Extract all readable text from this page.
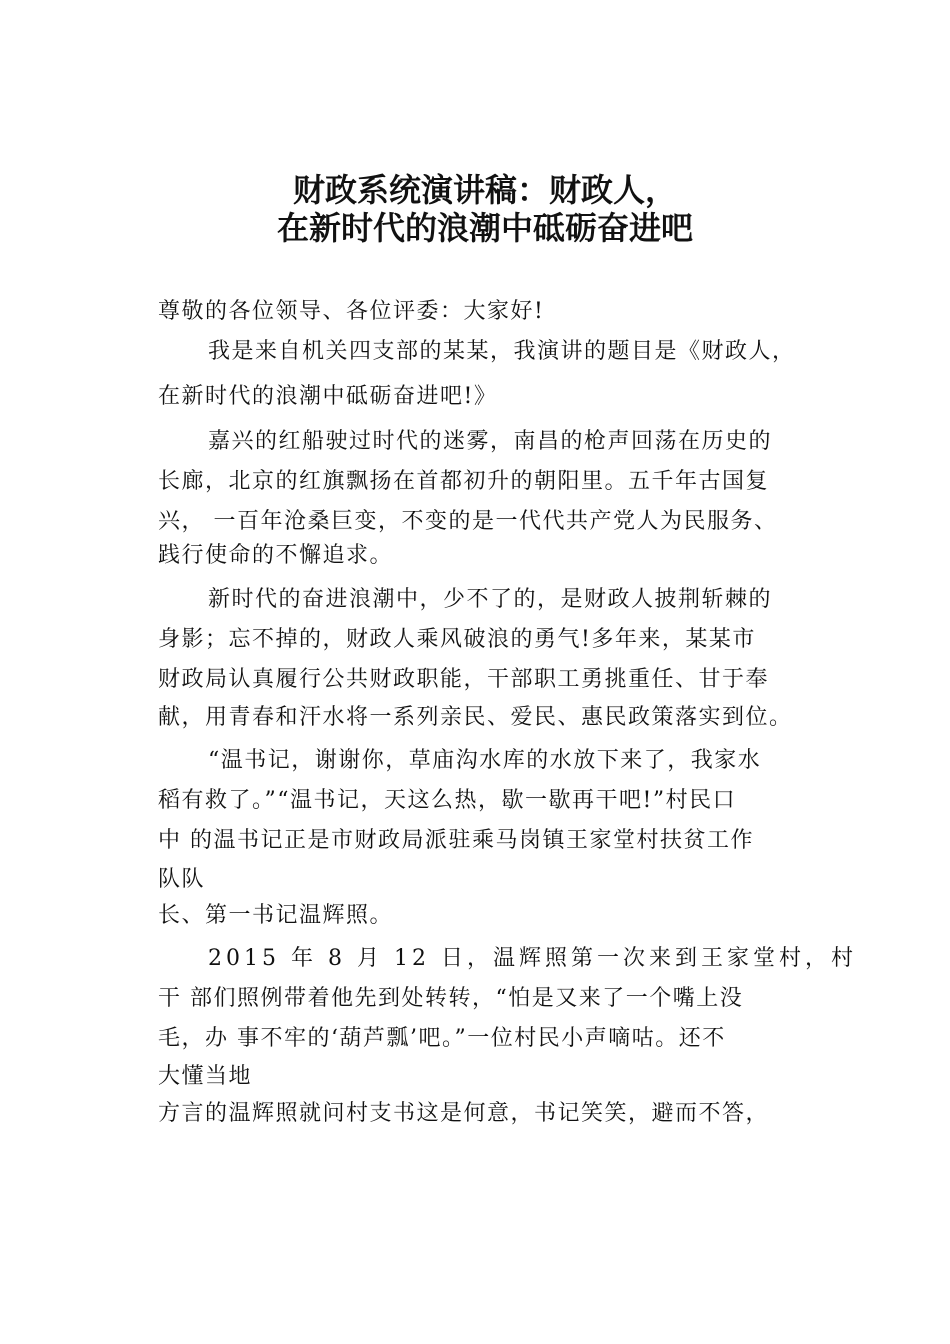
财政系统演讲稿：财政人，
在新时代的浪潮中砥砺奋进吧
尊敬的各位领导、各位评委：大家好!
我是来自机关四支部的某某，我演讲的题目是《财政人，
在新时代的浪潮中砥砺奋进吧!》
嘉兴的红船驶过时代的迷雾，南昌的枪声回荡在历史的
长廊，北京的红旗飘扬在首都初升的朝阳里。五千年古国复
兴， 一百年沧桑巨变，不变的是一代代共产党人为民服务、
践行使命的不懈追求。
新时代的奋进浪潮中，少不了的，是财政人披荆斩棘的
身影；忘不掉的，财政人乘风破浪的勇气!多年来，某某市
财政局认真履行公共财政职能，干部职工勇挑重任、甘于奉
献，用青春和汗水将一系列亲民、爱民、惠民政策落实到位。
“温书记，谢谢你，草庙沟水库的水放下来了，我家水
稻有救了。”“温书记，天这么热，歇一歇再干吧!”村民口
中 的温书记正是市财政局派驻乘马岗镇王家堂村扶贫工作
队队
长、第一书记温辉照。
2015 年 8 月 12 日，温辉照第一次来到王家堂村，村
干 部们照例带着他先到处转转，“怕是又来了一个嘴上没
毛，办 事不牢的‘葫芦瓢’吧。”一位村民小声嘀咕。还不
大懂当地
方言的温辉照就问村支书这是何意，书记笑笑，避而不答，
